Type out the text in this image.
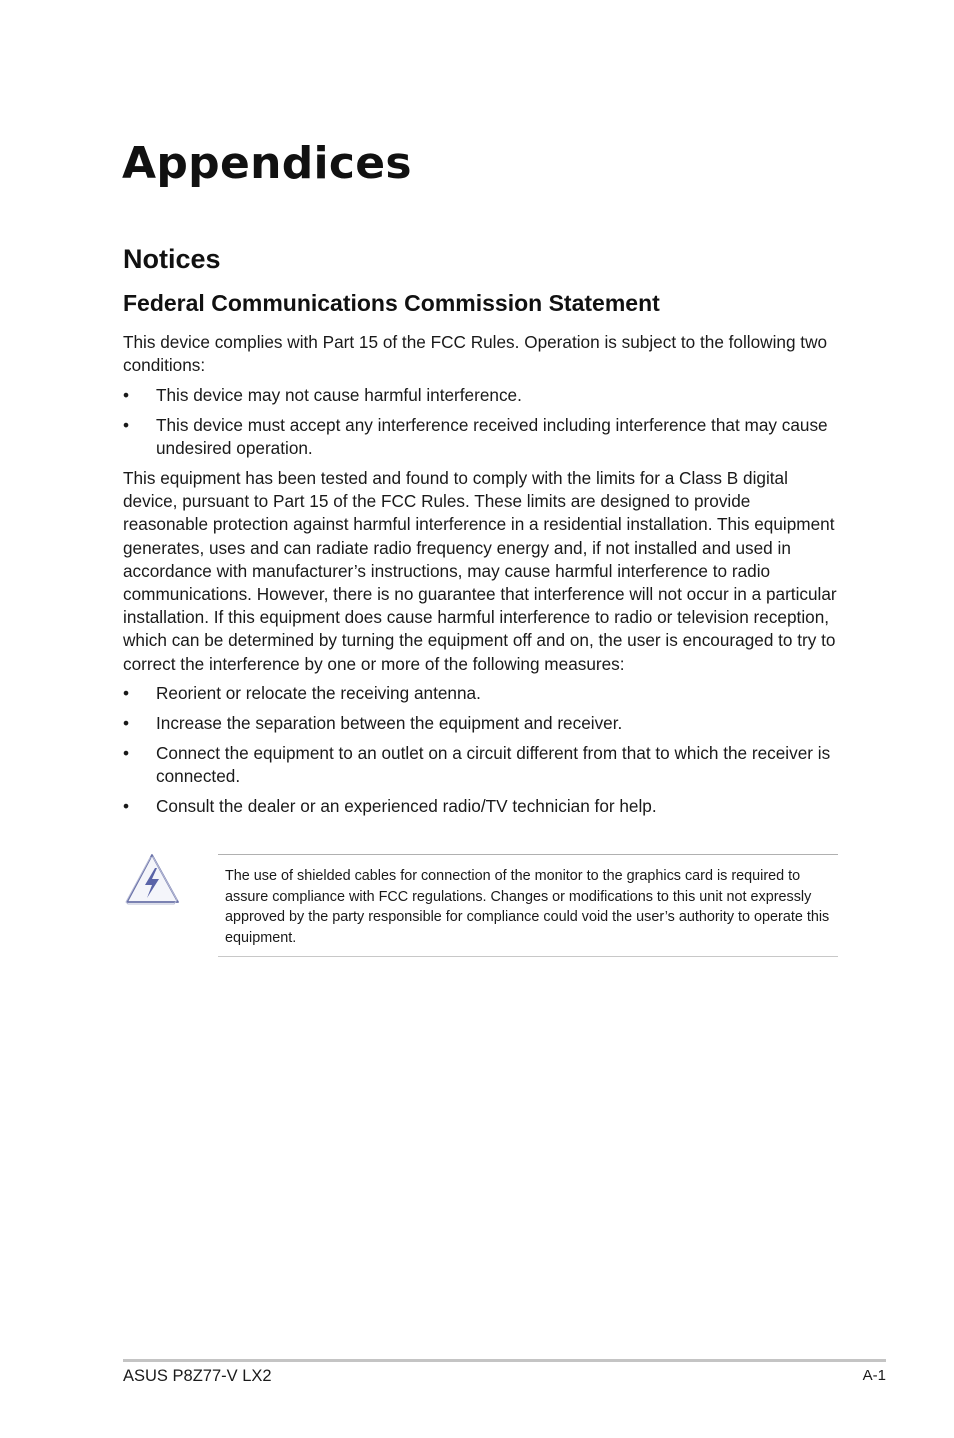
Appendices
Notices
Federal Communications Commission Statement

This device complies with Part 15 of the FCC Rules. Operation is subject to the following two conditions:

•	This device may not cause harmful interference.
•	This device must accept any interference received including interference that may cause undesired operation.

This equipment has been tested and found to comply with the limits for a Class B digital device, pursuant to Part 15 of the FCC Rules. These limits are designed to provide reasonable protection against harmful interference in a residential installation. This equipment generates, uses and can radiate radio frequency energy and, if not installed and used in accordance with manufacturer’s instructions, may cause harmful interference to radio communications. However, there is no guarantee that interference will not occur in a particular installation. If this equipment does cause harmful interference to radio or television reception, which can be determined by turning the equipment off and on, the user is encouraged to try to correct the interference by one or more of the following measures:

•	Reorient or relocate the receiving antenna.
•	Increase the separation between the equipment and receiver.
•	Connect the equipment to an outlet on a circuit different from that to which the receiver is connected.
•	Consult the dealer or an experienced radio/TV technician for help.

The use of shielded cables for connection of the monitor to the graphics card is required to assure compliance with FCC regulations. Changes or modifications to this unit not expressly approved by the party responsible for compliance could void the user’s authority to operate this equipment.

ASUS P8Z77-V LX2	A-1
